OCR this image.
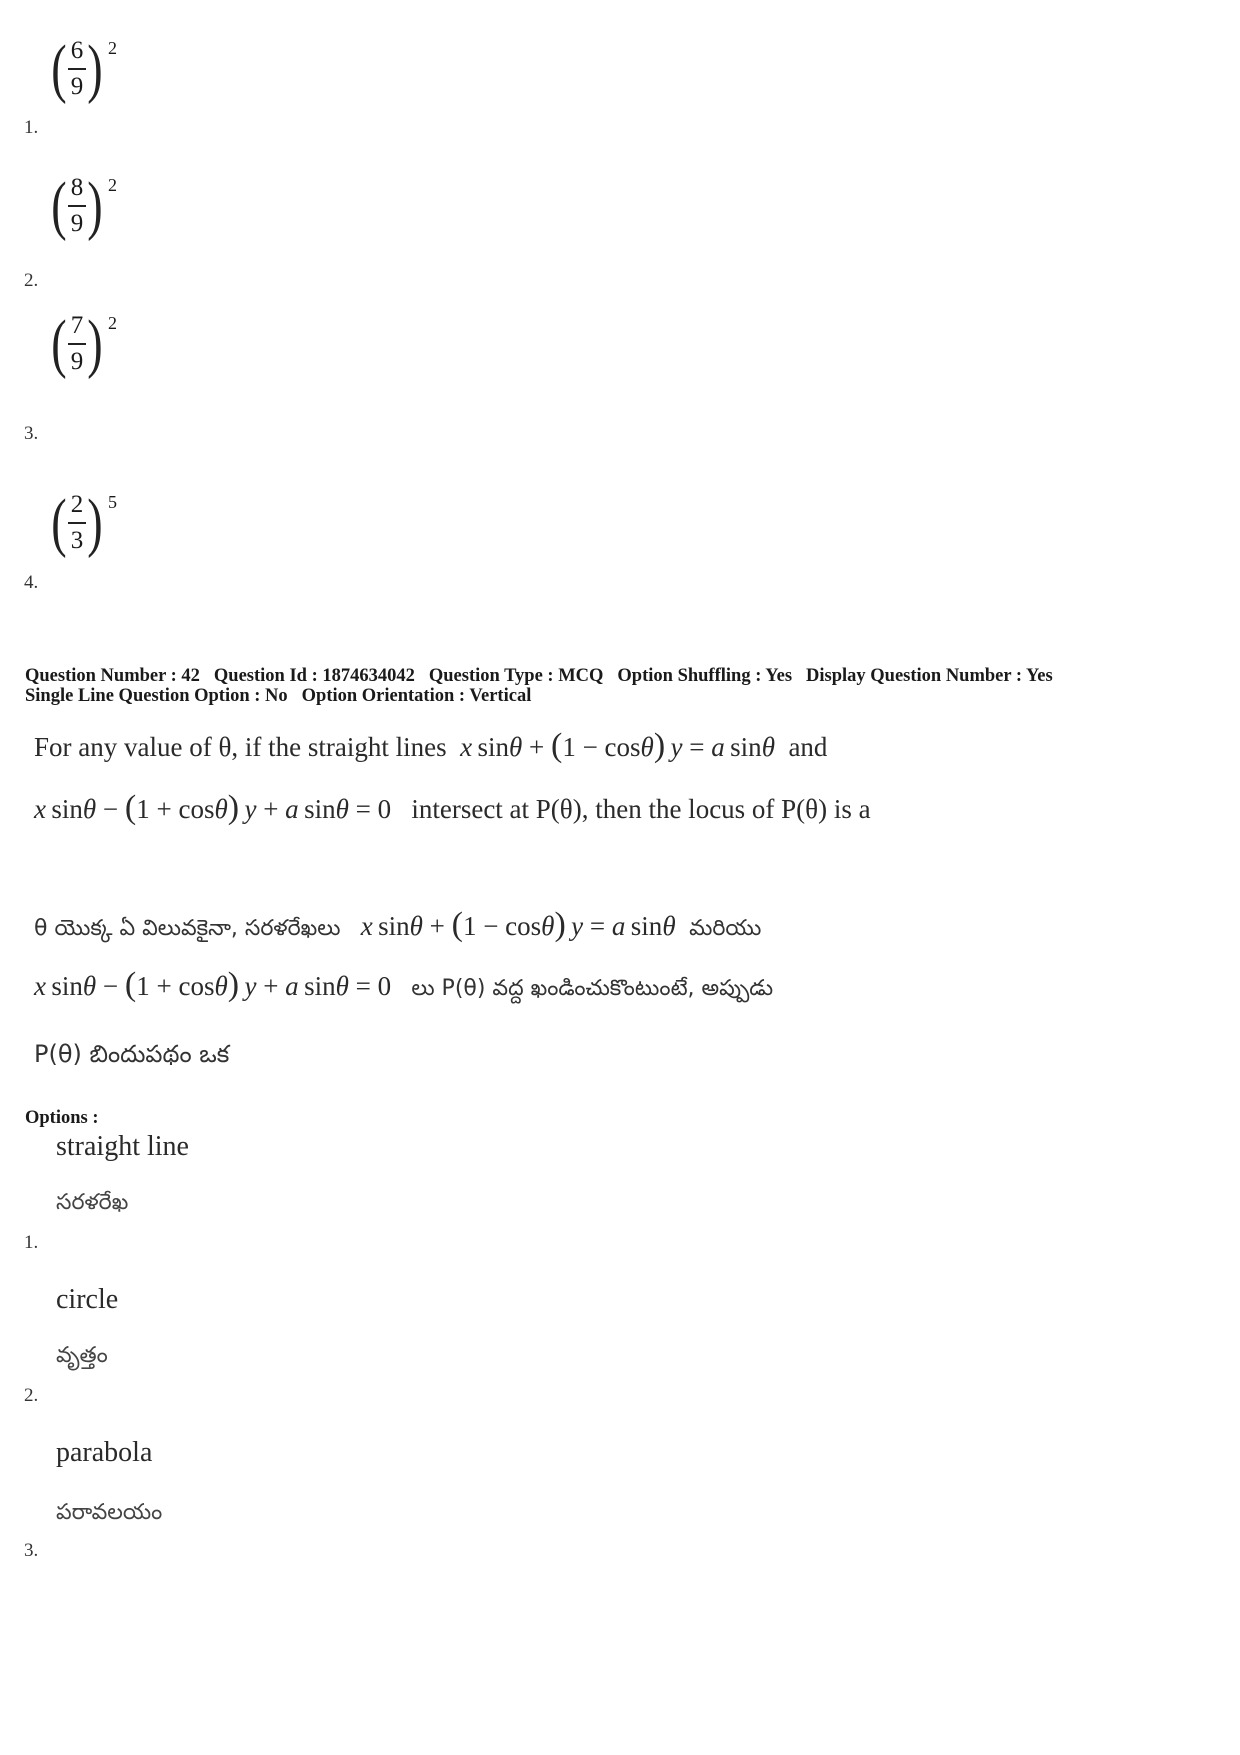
( $\frac{6}{9}$ ) 2
1.
( $\frac{8}{9}$ ) 2
2.
( $\frac{7}{9}$ ) 2
3.
( $\frac{2}{3}$ ) 5
4.
Question Number : 42 Question Id : 1874634042 Question Type : MCQ Option Shuffling : Yes Display Question Number : Yes
Single Line Question Option : No Option Orientation : Vertical
For any value of θ, if the straight lines x sinθ + (1 − cosθ)  y = a sinθ and
x sinθ − (1 + cosθ)  y + a sinθ = 0   intersect at P(θ), then the locus of P(θ) is a
θ యొక్క ఏ విలువకైనా, సరళరేఖలు x sinθ + (1 − cosθ)  y = a sinθ మరియు
x sinθ − (1 + cosθ)  y + a sinθ = 0   లు P(θ) వద్ద ఖండించుకొంటుంటే, అప్పుడు
P(θ) బిందుపథం ఒక
Options :
straight line
సరళరేఖ
1.
circle
వృత్తం
2.
parabola
పరావలయం
3.
